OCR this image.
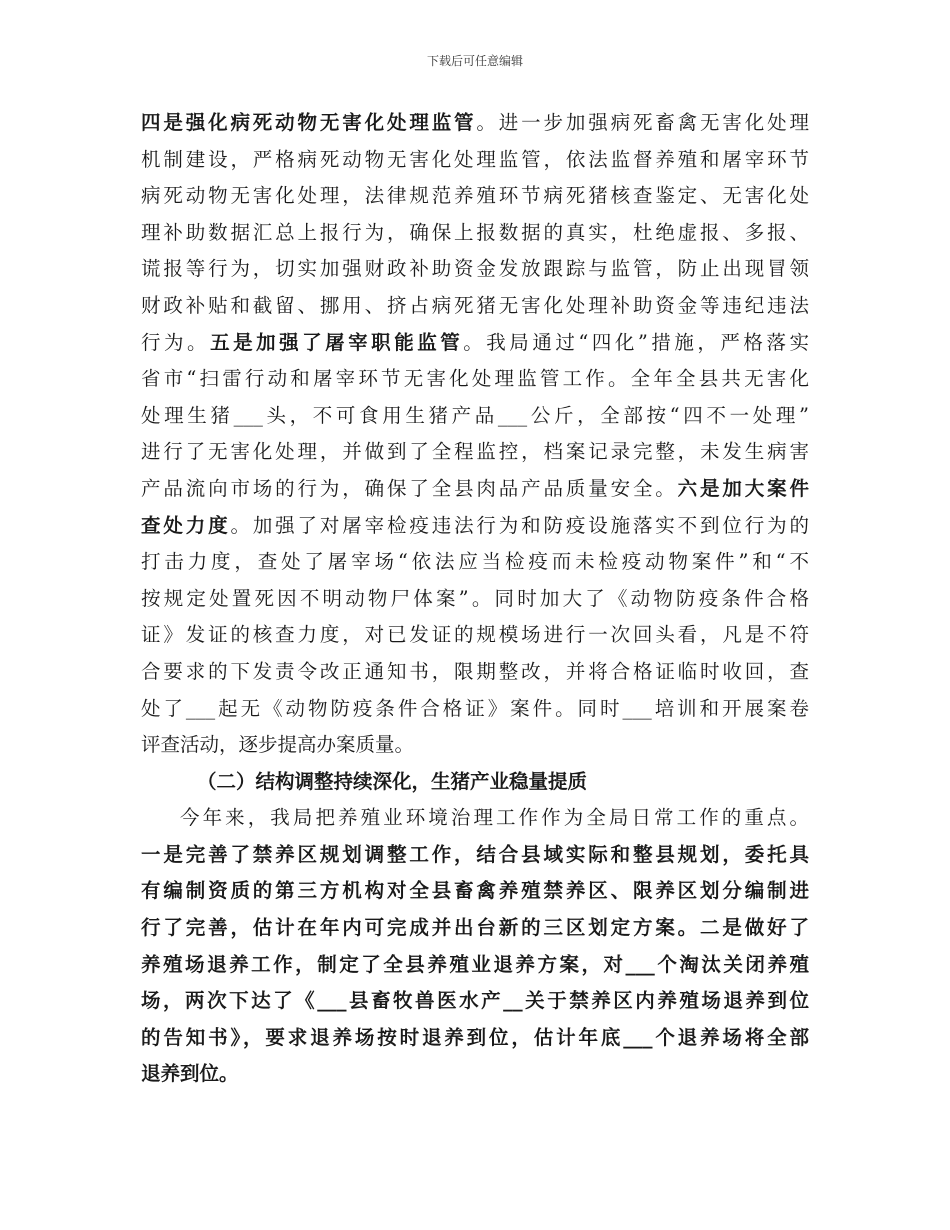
下载后可任意编辑
四是强化病死动物无害化处理监管。进一步加强病死畜禽无害化处理
机制建设，严格病死动物无害化处理监管，依法监督养殖和屠宰环节
病死动物无害化处理，法律规范养殖环节病死猪核查鉴定、无害化处
理补助数据汇总上报行为，确保上报数据的真实，杜绝虚报、多报、
谎报等行为，切实加强财政补助资金发放跟踪与监管，防止出现冒领
财政补贴和截留、挪用、挤占病死猪无害化处理补助资金等违纪违法
行为。五是加强了屠宰职能监管。我局通过“四化”措施，严格落实
省市“扫雷行动和屠宰环节无害化处理监管工作。全年全县共无害化
处理生猪___头，不可食用生猪产品___公斤，全部按“四不一处理”
进行了无害化处理，并做到了全程监控，档案记录完整，未发生病害
产品流向市场的行为，确保了全县肉品产品质量安全。六是加大案件
查处力度。加强了对屠宰检疫违法行为和防疫设施落实不到位行为的
打击力度，查处了屠宰场“依法应当检疫而未检疫动物案件”和“不
按规定处置死因不明动物尸体案”。同时加大了《动物防疫条件合格
证》发证的核查力度，对已发证的规模场进行一次回头看，凡是不符
合要求的下发责令改正通知书，限期整改，并将合格证临时收回，查
处了___起无《动物防疫条件合格证》案件。同时___培训和开展案卷
评查活动，逐步提高办案质量。
（二）结构调整持续深化，生猪产业稳量提质
今年来，我局把养殖业环境治理工作作为全局日常工作的重点。
一是完善了禁养区规划调整工作，结合县域实际和整县规划，委托具
有编制资质的第三方机构对全县畜禽养殖禁养区、限养区划分编制进
行了完善，估计在年内可完成并出台新的三区划定方案。二是做好了
养殖场退养工作，制定了全县养殖业退养方案，对___个淘汰关闭养殖
场，两次下达了《___县畜牧兽医水产__关于禁养区内养殖场退养到位
的告知书》，要求退养场按时退养到位，估计年底___个退养场将全部
退养到位。
